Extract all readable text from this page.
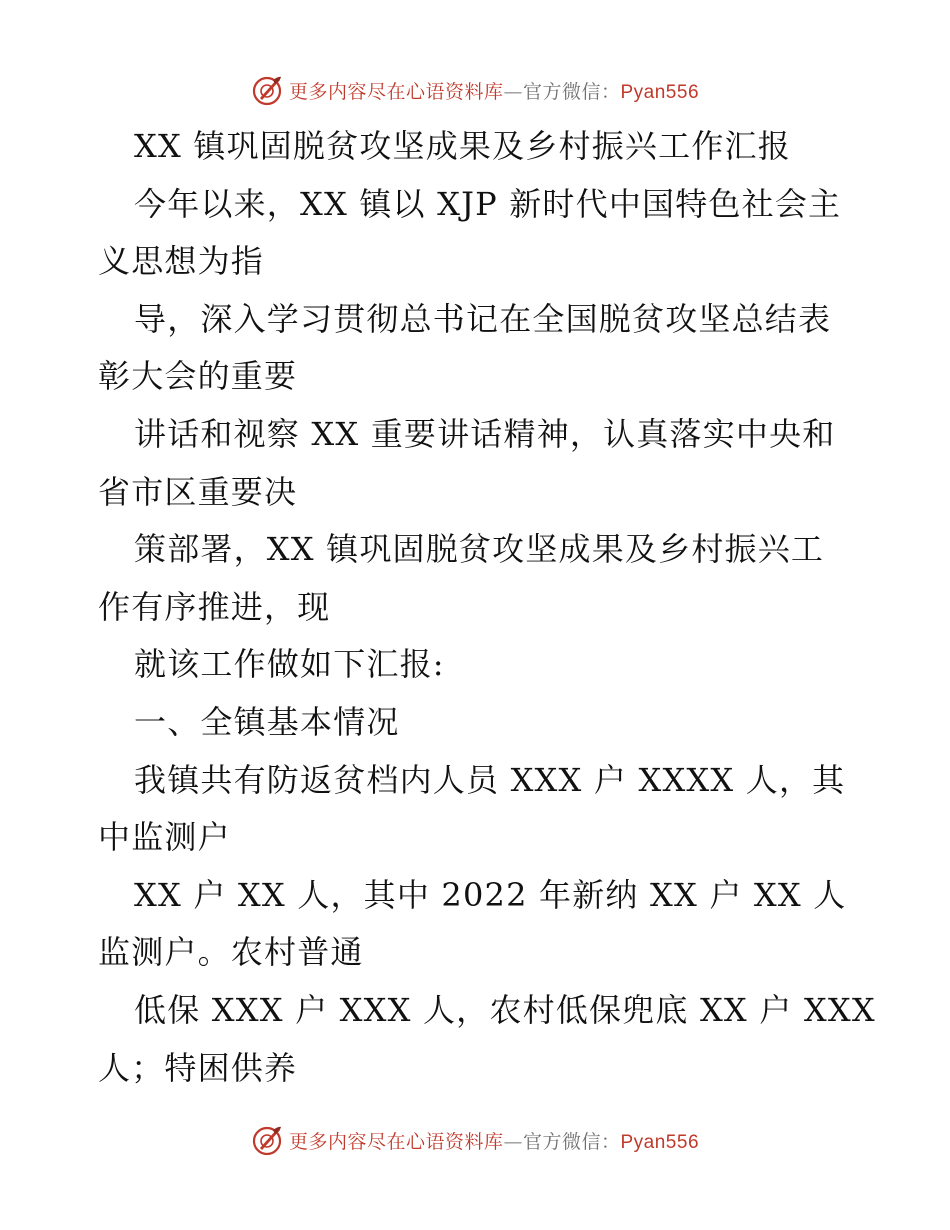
更多内容尽在心语资料库—官方微信：Pyan556
XX 镇巩固脱贫攻坚成果及乡村振兴工作汇报
今年以来，XX 镇以 XJP 新时代中国特色社会主
义思想为指
导，深入学习贯彻总书记在全国脱贫攻坚总结表
彰大会的重要
讲话和视察 XX 重要讲话精神，认真落实中央和
省市区重要决
策部署，XX 镇巩固脱贫攻坚成果及乡村振兴工
作有序推进，现
就该工作做如下汇报:
一、全镇基本情况
我镇共有防返贫档内人员 XXX 户 XXXX 人，其
中监测户
XX 户 XX 人，其中 2022 年新纳 XX 户 XX 人
监测户。农村普通
低保 XXX 户 XXX 人，农村低保兜底 XX 户 XXX
人；特困供养
更多内容尽在心语资料库—官方微信：Pyan556
